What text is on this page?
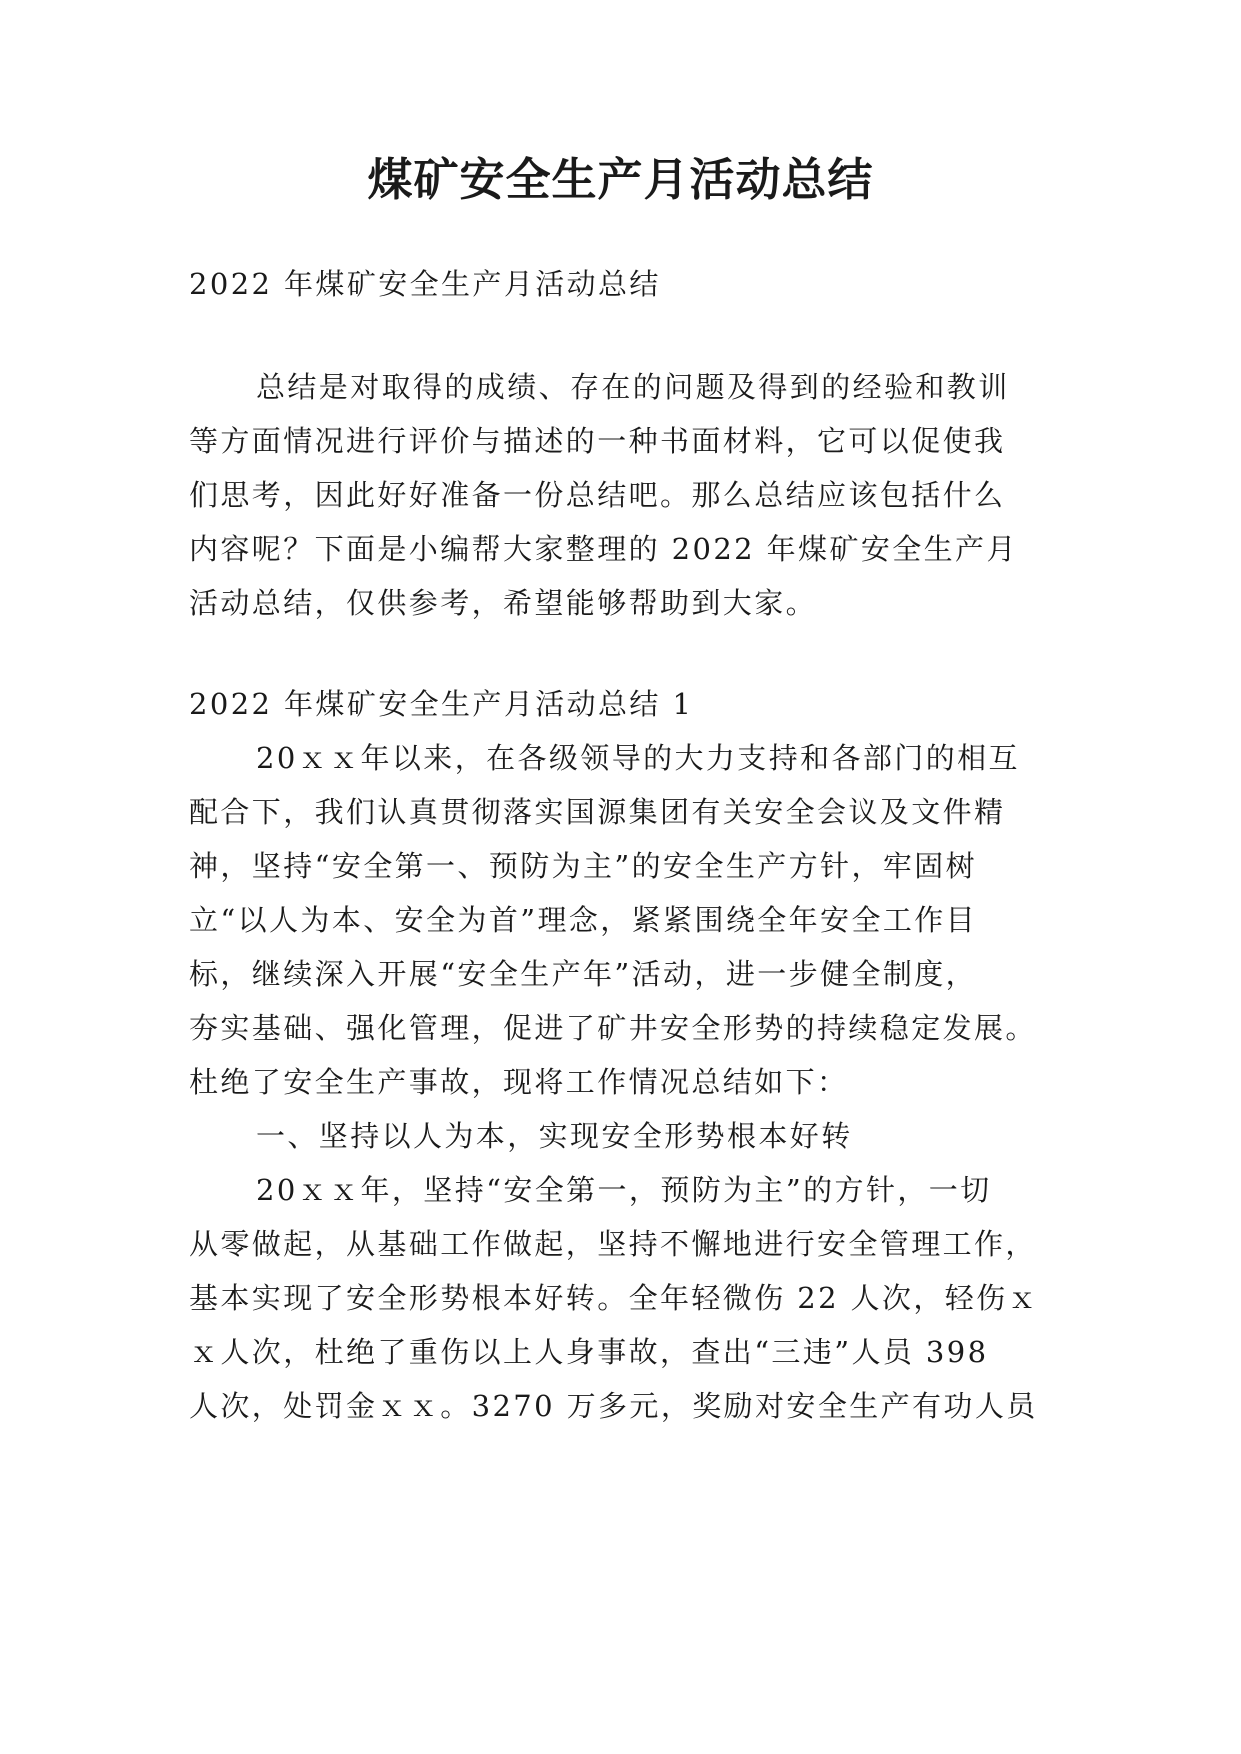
煤矿安全生产月活动总结
2022 年煤矿安全生产月活动总结
总结是对取得的成绩、存在的问题及得到的经验和教训
等方面情况进行评价与描述的一种书面材料，它可以促使我
们思考，因此好好准备一份总结吧。那么总结应该包括什么
内容呢？下面是小编帮大家整理的 2022 年煤矿安全生产月
活动总结，仅供参考，希望能够帮助到大家。
2022 年煤矿安全生产月活动总结 1
20ｘｘ年以来，在各级领导的大力支持和各部门的相互
配合下，我们认真贯彻落实国源集团有关安全会议及文件精
神，坚持“安全第一、预防为主”的安全生产方针，牢固树
立“以人为本、安全为首”理念，紧紧围绕全年安全工作目
标，继续深入开展“安全生产年”活动，进一步健全制度，
夯实基础、强化管理，促进了矿井安全形势的持续稳定发展。
杜绝了安全生产事故，现将工作情况总结如下：
一、坚持以人为本，实现安全形势根本好转
20ｘｘ年，坚持“安全第一，预防为主”的方针，一切
从零做起，从基础工作做起，坚持不懈地进行安全管理工作，
基本实现了安全形势根本好转。全年轻微伤 22 人次，轻伤ｘ
ｘ人次，杜绝了重伤以上人身事故，查出“三违”人员 398
人次，处罚金ｘｘ。3270 万多元，奖励对安全生产有功人员
